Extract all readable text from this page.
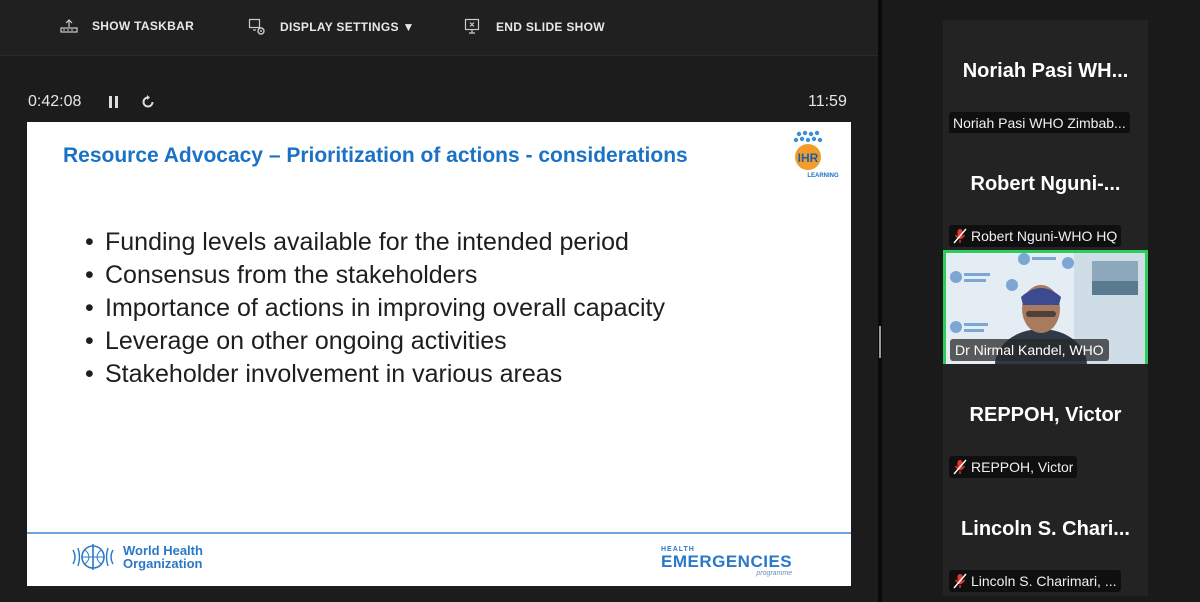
SHOW TASKBAR	DISPLAY SETTINGS ▼	END SLIDE SHOW
0:42:08	11:59
Resource Advocacy – Prioritization of actions - considerations	IHR
LEARNING
• Funding levels available for the intended period
• Consensus from the stakeholders
• Importance of actions in improving overall capacity
• Leverage on other ongoing activities
• Stakeholder involvement in various areas
World Health
Organization
HEALTH
EMERGENCIES
programme
Noriah Pasi WH...
Noriah Pasi WHO Zimbab...
Robert Nguni-...
Robert Nguni-WHO HQ
Dr Nirmal Kandel, WHO
REPPOH, Victor
REPPOH, Victor
Lincoln S. Chari...
Lincoln S. Charimari, ...
